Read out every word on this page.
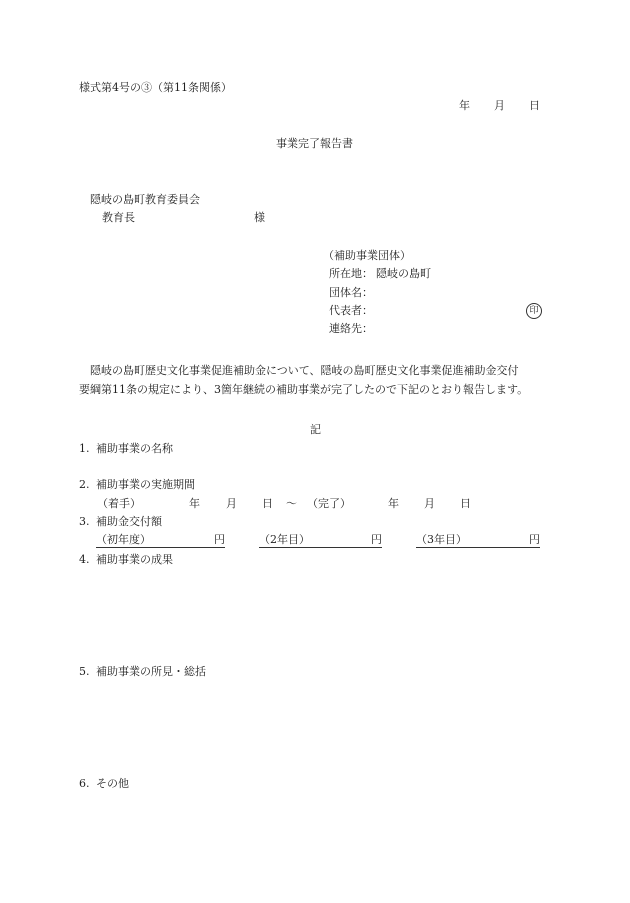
様式第4号の③（第11条関係）
年 月 日
事業完了報告書
隠岐の島町教育委員会
教育長	様
（補助事業団体）
所在地： 隠岐の島町
団体名：
代表者：	印
連絡先：
隠岐の島町歴史文化事業促進補助金について、隠岐の島町歴史文化事業促進補助金交付
要綱第11条の規定により、3箇年継続の補助事業が完了したので下記のとおり報告します。
記
1. 補助事業の名称
2. 補助事業の実施期間
（着手）	年 月 日 ～ （完了）	年 月 日
3. 補助金交付額
（初年度）	円	（2年目）	円	（3年目）	円
4. 補助事業の成果
5. 補助事業の所見・総括
6. その他
